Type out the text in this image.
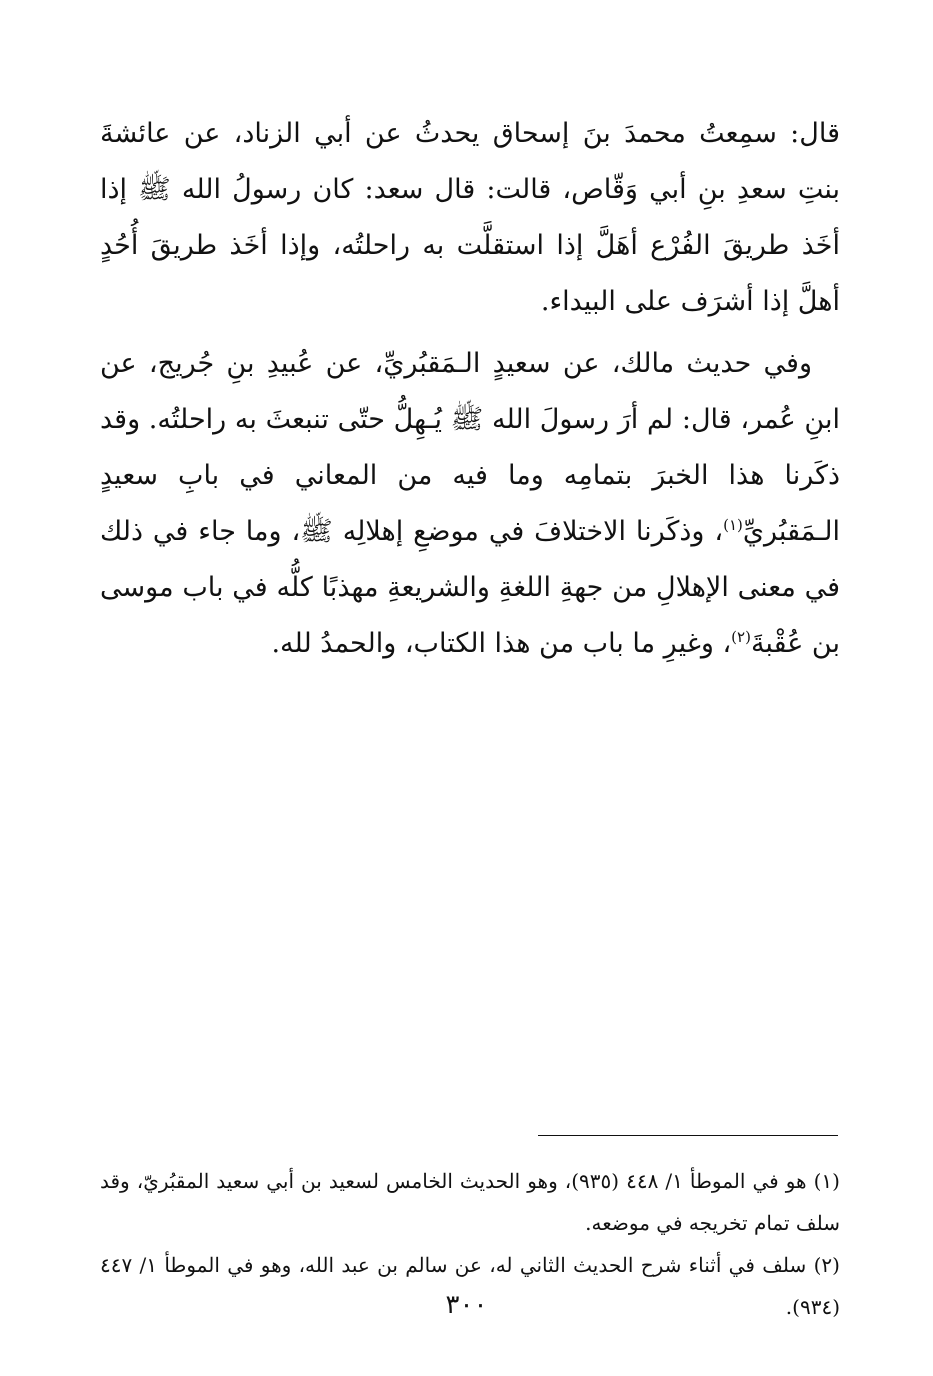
قال: سمِعتُ محمدَ بنَ إسحاق يحدثُ عن أبي الزناد، عن عائشةَ بنتِ سعدِ بنِ أبي وَقّاص، قالت: قال سعد: كان رسولُ الله ﷺ إذا أخَذ طريقَ الفُرْع أهَلَّ إذا استقلَّت به راحلتُه، وإذا أخَذ طريقَ أُحُدٍ أهلَّ إذا أشرَف على البيداء.

وفي حديث مالك، عن سعيدٍ الـمَقبُريِّ، عن عُبيدِ بنِ جُريج، عن ابنِ عُمر، قال: لم أرَ رسولَ الله ﷺ يُـهِلُّ حتّى تنبعثَ به راحلتُه. وقد ذكَرنا هذا الخبرَ بتمامِه وما فيه من المعاني في بابِ سعيدٍ الـمَقبُريِّ$^{(١)}$، وذكَرنا الاختلافَ في موضعِ إهلالِه ﷺ، وما جاء في ذلك في معنى الإهلالِ من جهةِ اللغةِ والشريعةِ مهذبًا كلُّه في باب موسى بن عُقْبةَ$^{(٢)}$، وغيرِ ما باب من هذا الكتاب، والحمدُ لله.

(١) هو في الموطأ ١/ ٤٤٨ (٩٣٥)، وهو الحديث الخامس لسعيد بن أبي سعيد المقبُريّ، وقد سلف تمام تخريجه في موضعه.

(٢) سلف في أثناء شرح الحديث الثاني له، عن سالم بن عبد الله، وهو في الموطأ ١/ ٤٤٧ (٩٣٤).

٣٠٠
